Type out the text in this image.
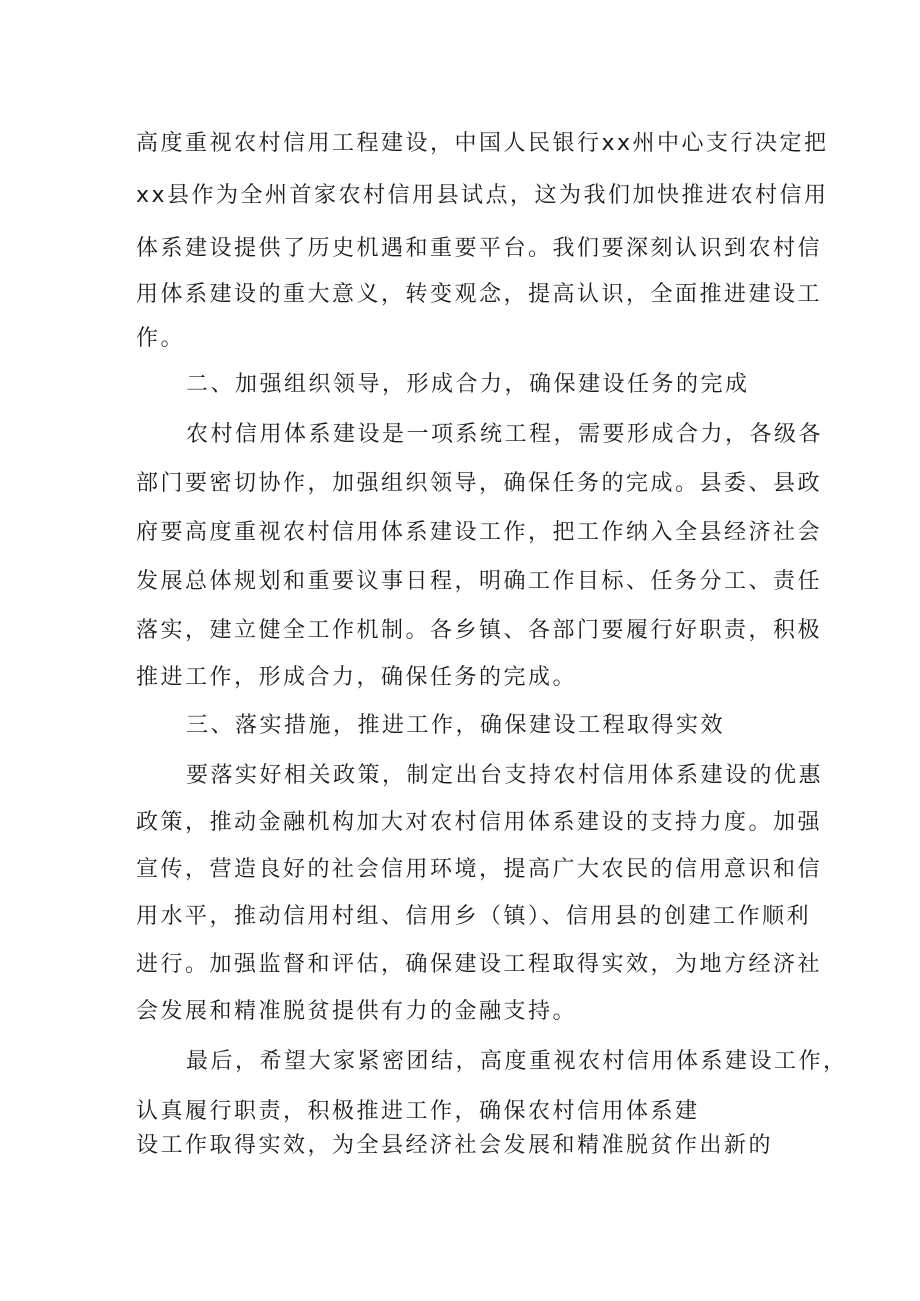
高度重视农村信用工程建设，中国人民银行xx州中心支行决定把

xx县作为全州首家农村信用县试点，这为我们加快推进农村信用

体系建设提供了历史机遇和重要平台。我们要深刻认识到农村信

用体系建设的重大意义，转变观念，提高认识，全面推进建设工

作。

二、加强组织领导，形成合力，确保建设任务的完成

农村信用体系建设是一项系统工程，需要形成合力，各级各

部门要密切协作，加强组织领导，确保任务的完成。县委、县政

府要高度重视农村信用体系建设工作，把工作纳入全县经济社会

发展总体规划和重要议事日程，明确工作目标、任务分工、责任

落实，建立健全工作机制。各乡镇、各部门要履行好职责，积极

推进工作，形成合力，确保任务的完成。

三、落实措施，推进工作，确保建设工程取得实效

要落实好相关政策，制定出台支持农村信用体系建设的优惠

政策，推动金融机构加大对农村信用体系建设的支持力度。加强

宣传，营造良好的社会信用环境，提高广大农民的信用意识和信

用水平，推动信用村组、信用乡（镇）、信用县的创建工作顺利

进行。加强监督和评估，确保建设工程取得实效，为地方经济社

会发展和精准脱贫提供有力的金融支持。

最后，希望大家紧密团结，高度重视农村信用体系建设工作，

认真履行职责，积极推进工作，确保农村信用体系建

设工作取得实效，为全县经济社会发展和精准脱贫作出新的
